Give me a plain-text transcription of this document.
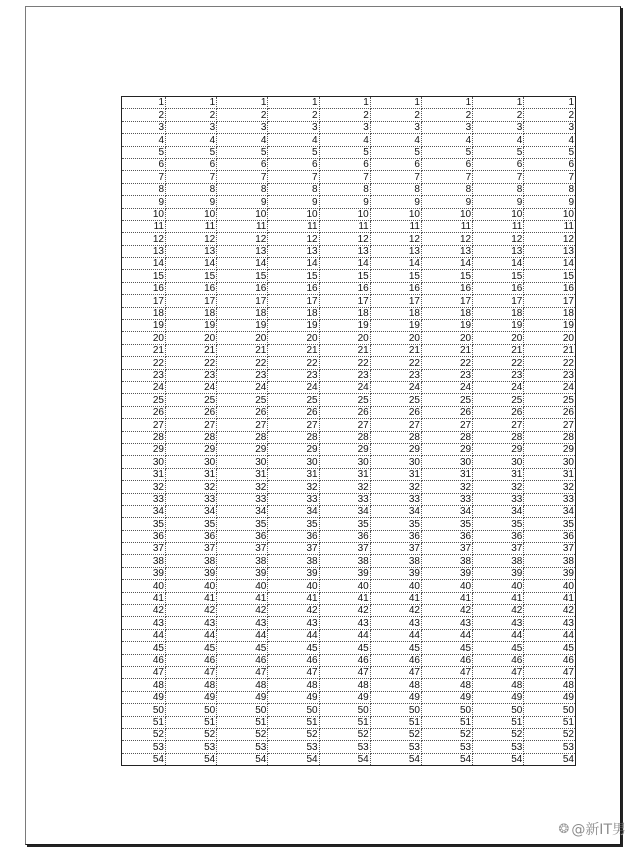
1	1	1	1	1	1	1	1	1
2	2	2	2	2	2	2	2	2
3	3	3	3	3	3	3	3	3
4	4	4	4	4	4	4	4	4
5	5	5	5	5	5	5	5	5
6	6	6	6	6	6	6	6	6
7	7	7	7	7	7	7	7	7
8	8	8	8	8	8	8	8	8
9	9	9	9	9	9	9	9	9
10	10	10	10	10	10	10	10	10
11	11	11	11	11	11	11	11	11
12	12	12	12	12	12	12	12	12
13	13	13	13	13	13	13	13	13
14	14	14	14	14	14	14	14	14
15	15	15	15	15	15	15	15	15
16	16	16	16	16	16	16	16	16
17	17	17	17	17	17	17	17	17
18	18	18	18	18	18	18	18	18
19	19	19	19	19	19	19	19	19
20	20	20	20	20	20	20	20	20
21	21	21	21	21	21	21	21	21
22	22	22	22	22	22	22	22	22
23	23	23	23	23	23	23	23	23
24	24	24	24	24	24	24	24	24
25	25	25	25	25	25	25	25	25
26	26	26	26	26	26	26	26	26
27	27	27	27	27	27	27	27	27
28	28	28	28	28	28	28	28	28
29	29	29	29	29	29	29	29	29
30	30	30	30	30	30	30	30	30
31	31	31	31	31	31	31	31	31
32	32	32	32	32	32	32	32	32
33	33	33	33	33	33	33	33	33
34	34	34	34	34	34	34	34	34
35	35	35	35	35	35	35	35	35
36	36	36	36	36	36	36	36	36
37	37	37	37	37	37	37	37	37
38	38	38	38	38	38	38	38	38
39	39	39	39	39	39	39	39	39
40	40	40	40	40	40	40	40	40
41	41	41	41	41	41	41	41	41
42	42	42	42	42	42	42	42	42
43	43	43	43	43	43	43	43	43
44	44	44	44	44	44	44	44	44
45	45	45	45	45	45	45	45	45
46	46	46	46	46	46	46	46	46
47	47	47	47	47	47	47	47	47
48	48	48	48	48	48	48	48	48
49	49	49	49	49	49	49	49	49
50	50	50	50	50	50	50	50	50
51	51	51	51	51	51	51	51	51
52	52	52	52	52	52	52	52	52
53	53	53	53	53	53	53	53	53
54	54	54	54	54	54	54	54	54
❂ @新IT男
